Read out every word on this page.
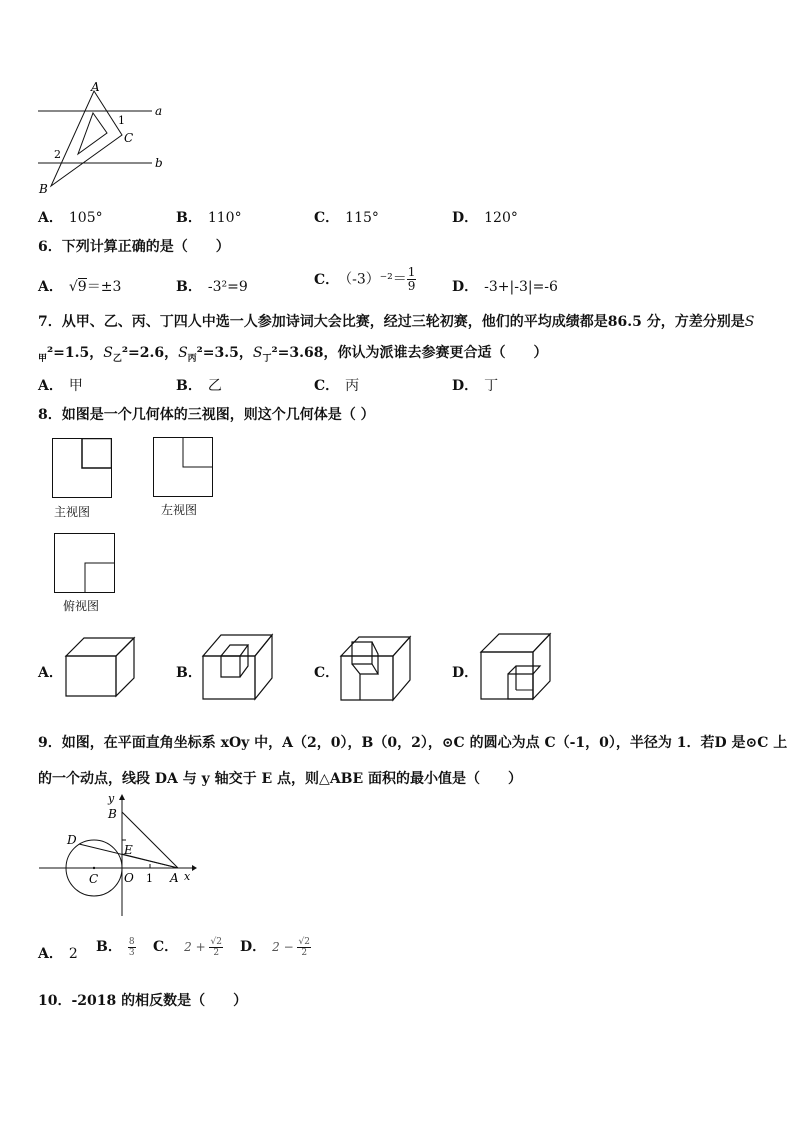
A
B
C
a
b
1
2
A． 105°	B． 110°	C． 115°	D． 120°
6．下列计算正确的是（　　）
A． √9＝±3	B． -3²=9	C． $(-3)^{-2}= \frac{1}{9}$	D． -3+|-3|=-6
7．从甲、乙、丙、丁四人中选一人参加诗词大会比赛，经过三轮初赛，他们的平均成绩都是86.5 分，方差分别是S
$_甲$²=1.5，$S_乙^2=2.6$，$S_丙^2=3.5$，$S_丁^2=3.68$，你认为派谁去参赛更合适（　　）
A． 甲	B． 乙	C． 丙	D． 丁
8．如图是一个几何体的三视图，则这个几何体是（ ）
主视图	左视图
俯视图
A．	B．	C．	D．
9．如图，在平面直角坐标系 xOy 中，A（2，0），B（0，2），⊙C 的圆心为点 C（-1，0），半径为 1．若D 是⊙C 上
的一个动点，线段 DA 与 y 轴交于 E 点，则△ABE 面积的最小值是（　　）
y
B
D
E
C O 1 A x
A． 2 B． $\frac{8}{3}$ C． $2 + \frac{√2}{2}$ D． $2 - \frac{√2}{2}$
10．-2018 的相反数是（　　）
